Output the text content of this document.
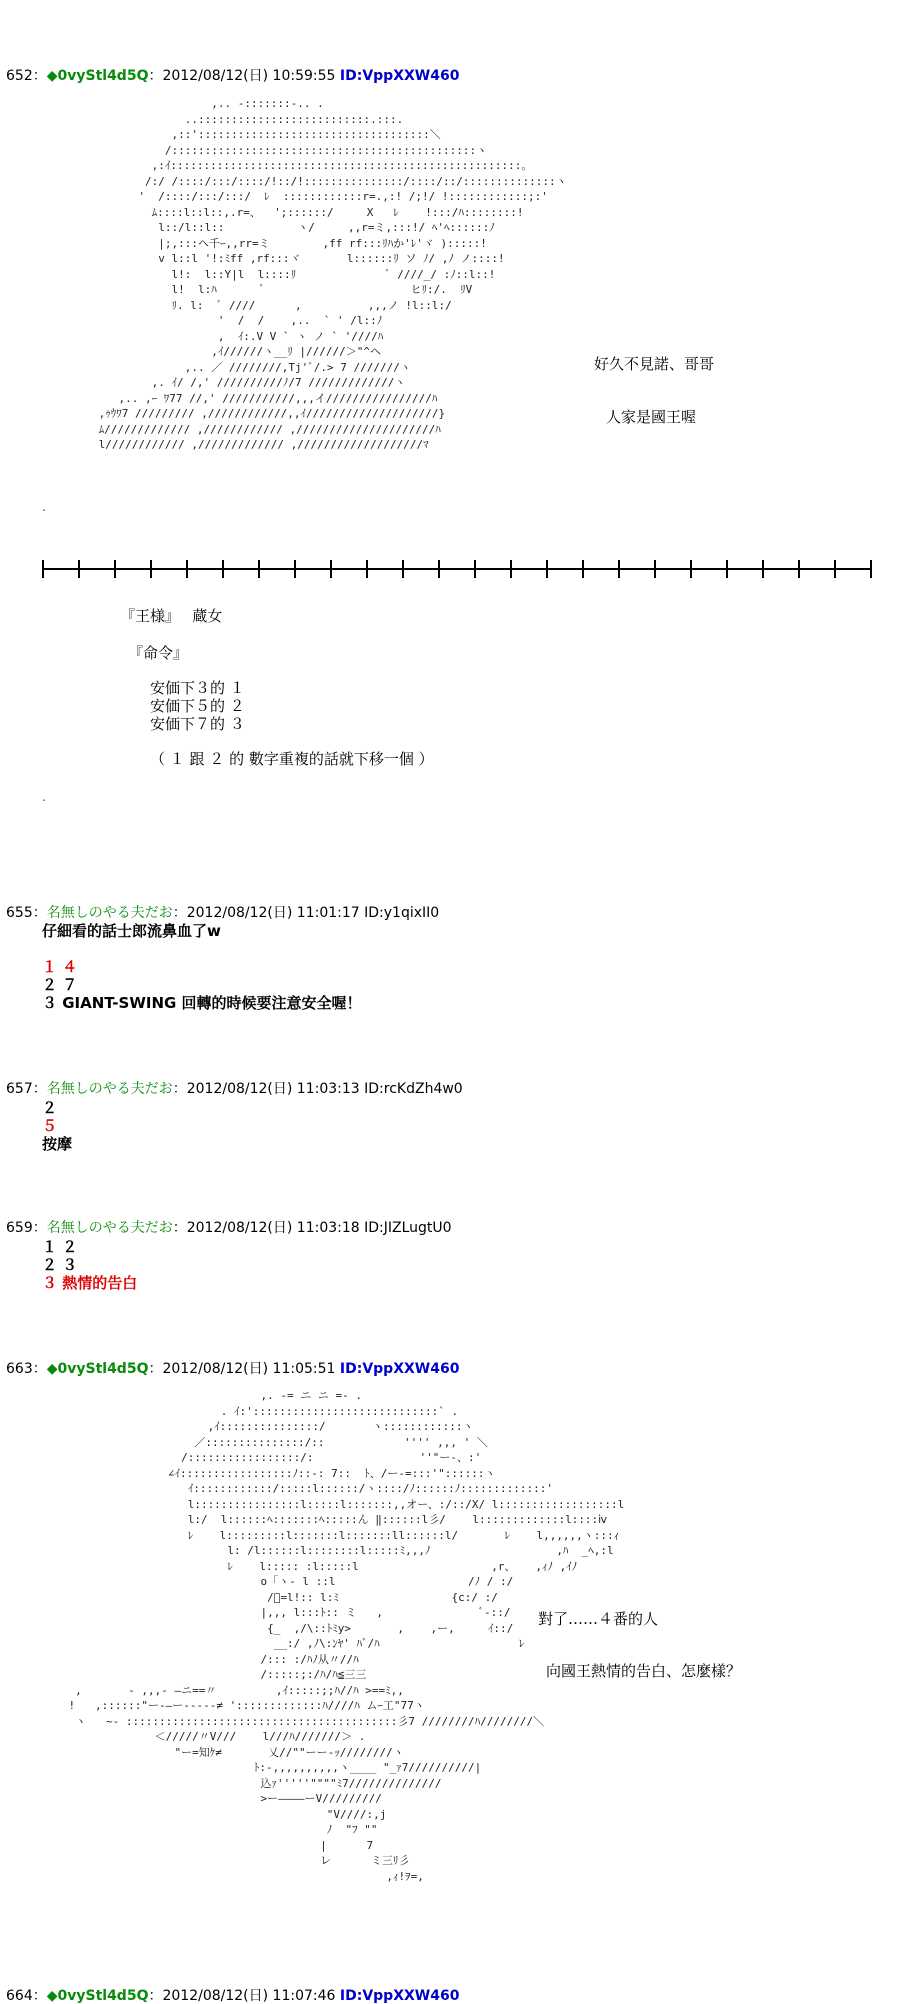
652：◆0vyStl4d5Q：2012/08/12(日) 10:59:55 ID:VppXXW460
,.. -:::::::-.. .
..::::::::::::::::::::::::::.:::.
,::':::::::::::::::::::::::::::::::::::＼
/::::::::::::::::::::::::::::::::::::::::::::::ヽ
,:ｲ:::::::::::::::::::::::::::::::::::::::::::::::::::::。
/:/ /::::/:::/::::/!::/!:::::::::::::::/::::/::/::::::::::::::ヽ
'  /::::/:::/:::/  ﾚ  ::::::::::::r=.,:! /;!/ !::::::::::::;:'
ﾑ::::l::l::,.r=、  ';::::::/     X   ﾚ    !:::/ﾊ::::::::!
l::/l::l::           ヽ/     ,,r=ミ,:::!/ ﾍ'ﾍ::::::ﾉ
|;,:::ヘ千ｰ,,rr=ミ        ,ff rf:::ﾘﾊか'ﾚ'ヾ ):::::!
v l::l '!:ﾐff ,rf:::ヾ       l::::::ﾘ ソ ﾉ/ ,ﾉ ノ::::!
l!:  l::Y|l  l::::ﾘ              ﾞ ////_/ :ﾉ::l::!
l!  l:ﾊ       ﾞ                      ヒﾘ:/.  ﾘV
ﾘ. l:  ﾞ ////      ,          ,,,ノ !l::l:/
'  /  /    ,..  ` ' /l::ﾉ
,  ｲ:.V V ` ヽ ノ ` '////ﾊ
,ｲ//////ヽ__ﾘ |//////＞"^ヘ
,.. ／ ////////,Tj'ﾞ/.> 7 ///////ヽ
,. ｲ/ /,' //////////ﾉ/7 /////////////ヽ
,.. ,ｰ ﾜ77 //,' ///////////,,,イ////////////////ﾊ
,ｩｳﾜ7 ///////// ,////////////,,ｲ////////////////////}
ﾑ///////////// ,//////////// ,/////////////////////ﾊ
l//////////// ,///////////// ,///////////////////ﾏ
好久不見諾、哥哥
人家是國王喔
.
『王様』　 蔵女
『命令』
安価下３的 １
安価下５的 ２
安価下７的 ３
（ １ 跟 ２ 的 數字重複的話就下移一個 ）
.
655：名無しのやる夫だお：2012/08/12(日) 11:01:17 ID:y1qixII0
仔細看的話士郎流鼻血了w
１ ４
２ ７
３ GIANT-SWING 回轉的時候要注意安全喔！
657：名無しのやる夫だお：2012/08/12(日) 11:03:13 ID:rcKdZh4w0
２
５
按摩
659：名無しのやる夫だお：2012/08/12(日) 11:03:18 ID:JIZLugtU0
１ ２
２ ３
３ 熱情的告白
663：◆0vyStl4d5Q：2012/08/12(日) 11:05:51 ID:VppXXW460
,. -= ニ ニ =- .
. ｲ:'::::::::::::::::::::::::::::` .
,ｲ:::::::::::::::/       ヽ::::::::::::ヽ
／:::::::::::::::/::            '''' ,,, ' ＼
/:::::::::::::::::/:                ''"ー-、:'
∠ｲ:::::::::::::::::ﾉ::-: 7::  ﾄ、/ー-=:::'"::::::ヽ
ｲ::::::::::::/:::::l::::::/ヽ::::/ﾉ::::::ﾉ:::::::::::::'
l::::::::::::::::l:::::l:::::::,,オー、:/::/X/ l::::::::::::::::::l
l:/  l::::::ﾍ:::::::ﾍ:::::ん ‖::::::l彡/    l:::::::::::::l::::ⅳ
ﾚ    l:::::::::l:::::::l:::::::ll::::::l/       ﾚ    l,,,,,,ヽ:::ｨ
l: /l::::::l::::::::l:::::ﾐ,,,ﾉ                   ,ﾊ  _ﾍ,:l
ﾚ    l::::: :l:::::l                    ,r、   ,ｨﾉ ,ｲﾉ
o「ヽ- l ::l                    /ﾉ / :/
/ﾞ=l!:: l:ﾐ                 {c:/ :/
|,,, l:::ﾄ:: ミ   ,               ﾞ-::/
{_  ,/\::ﾄﾐy>       ,    ,ー,     ｲ::/
__:/ ,ﾉ\:ﾝﾔ' ﾊﾞ/ﾊ                     ﾚ
/::: :/ﾊﾉ从〃//ﾊ
/:::::;:/ﾊ/ﾊ≦三三
,       - ,,,- ―ニ==〃         ,ｲ:::::;;ﾊ//ﾊ >==ﾐ,,
!   ,::::::"ー-―ー‐‐‐‐‐≠ ':::::::::::::ﾊ////ﾊ ムｰ工"77ヽ
ヽ   ~- :::::::::::::::::::::::::::::::::::::::::彡7 ////////ﾊ////////＼
＜/////〃V///    l///ﾊ///////＞ .
"ー=知ｹ≠       乂//""ーー-ｯ////////ヽ
ﾄ:-,,,,,,,,,,ヽ____ "_ｧ7//////////|
込ｧ'''''""""ﾐ7//////////////
>ー――――ーV/////////
"V////:,j
ﾉ  "ﾌ ""
|      7
レ      ミ三ﾘ彡
,ｨ!ｦ=,
對了……４番的人
向國王熱情的告白、怎麼樣？
664：◆0vyStl4d5Q：2012/08/12(日) 11:07:46 ID:VppXXW460
